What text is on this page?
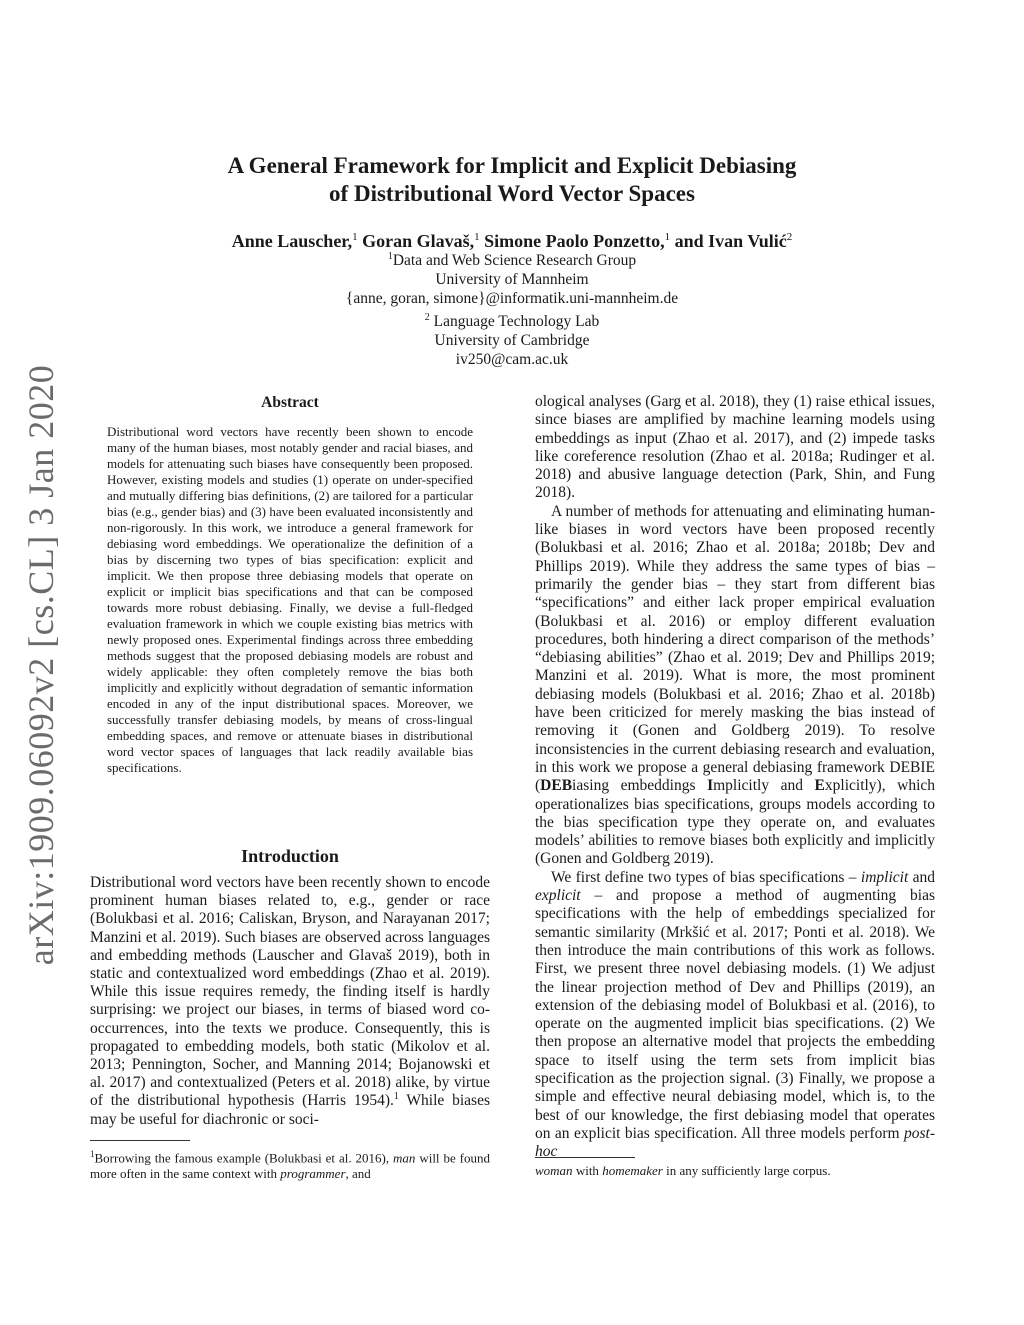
arXiv:1909.06092v2 [cs.CL] 3 Jan 2020
A General Framework for Implicit and Explicit Debiasing
of Distributional Word Vector Spaces
Anne Lauscher,$^1$ Goran Glavaš,$^1$ Simone Paolo Ponzetto,$^1$ and Ivan Vulić$^2$
$^1$Data and Web Science Research Group
University of Mannheim
{anne, goran, simone}@informatik.uni-mannheim.de
$^2$ Language Technology Lab
University of Cambridge
iv250@cam.ac.uk
Abstract

Distributional word vectors have recently been shown to encode many of the human biases, most notably gender and racial biases, and models for attenuating such biases have consequently been proposed. However, existing models and studies (1) operate on under-specified and mutually differing bias definitions, (2) are tailored for a particular bias (e.g., gender bias) and (3) have been evaluated inconsistently and non-rigorously. In this work, we introduce a general framework for debiasing word embeddings. We operationalize the definition of a bias by discerning two types of bias specification: explicit and implicit. We then propose three debiasing models that operate on explicit or implicit bias specifications and that can be composed towards more robust debiasing. Finally, we devise a full-fledged evaluation framework in which we couple existing bias metrics with newly proposed ones. Experimental findings across three embedding methods suggest that the proposed debiasing models are robust and widely applicable: they often completely remove the bias both implicitly and explicitly without degradation of semantic information encoded in any of the input distributional spaces. Moreover, we successfully transfer debiasing models, by means of cross-lingual embedding spaces, and remove or attenuate biases in distributional word vector spaces of languages that lack readily available bias specifications.

Introduction

Distributional word vectors have been recently shown to encode prominent human biases related to, e.g., gender or race (Bolukbasi et al. 2016; Caliskan, Bryson, and Narayanan 2017; Manzini et al. 2019). Such biases are observed across languages and embedding methods (Lauscher and Glavaš 2019), both in static and contextualized word embeddings (Zhao et al. 2019). While this issue requires remedy, the finding itself is hardly surprising: we project our biases, in terms of biased word co-occurrences, into the texts we produce. Consequently, this is propagated to embedding models, both static (Mikolov et al. 2013; Pennington, Socher, and Manning 2014; Bojanowski et al. 2017) and contextualized (Peters et al. 2018) alike, by virtue of the distributional hypothesis (Harris 1954).$^1$ While biases may be useful for diachronic or soci-

$^1$Borrowing the famous example (Bolukbasi et al. 2016), man will be found more often in the same context with programmer, and

ological analyses (Garg et al. 2018), they (1) raise ethical issues, since biases are amplified by machine learning models using embeddings as input (Zhao et al. 2017), and (2) impede tasks like coreference resolution (Zhao et al. 2018a; Rudinger et al. 2018) and abusive language detection (Park, Shin, and Fung 2018).

A number of methods for attenuating and eliminating human-like biases in word vectors have been proposed recently (Bolukbasi et al. 2016; Zhao et al. 2018a; 2018b; Dev and Phillips 2019). While they address the same types of bias – primarily the gender bias – they start from different bias “specifications” and either lack proper empirical evaluation (Bolukbasi et al. 2016) or employ different evaluation procedures, both hindering a direct comparison of the methods’ “debiasing abilities” (Zhao et al. 2019; Dev and Phillips 2019; Manzini et al. 2019). What is more, the most prominent debiasing models (Bolukbasi et al. 2016; Zhao et al. 2018b) have been criticized for merely masking the bias instead of removing it (Gonen and Goldberg 2019). To resolve inconsistencies in the current debiasing research and evaluation, in this work we propose a general debiasing framework DEBIE (DEBiasing embeddings Implicitly and Explicitly), which operationalizes bias specifications, groups models according to the bias specification type they operate on, and evaluates models’ abilities to remove biases both explicitly and implicitly (Gonen and Goldberg 2019).

We first define two types of bias specifications – implicit and explicit – and propose a method of augmenting bias specifications with the help of embeddings specialized for semantic similarity (Mrkšić et al. 2017; Ponti et al. 2018). We then introduce the main contributions of this work as follows. First, we present three novel debiasing models. (1) We adjust the linear projection method of Dev and Phillips (2019), an extension of the debiasing model of Bolukbasi et al. (2016), to operate on the augmented implicit bias specifications. (2) We then propose an alternative model that projects the embedding space to itself using the term sets from implicit bias specification as the projection signal. (3) Finally, we propose a simple and effective neural debiasing model, which is, to the best of our knowledge, the first debiasing model that operates on an explicit bias specification. All three models perform post-hoc

woman with homemaker in any sufficiently large corpus.
